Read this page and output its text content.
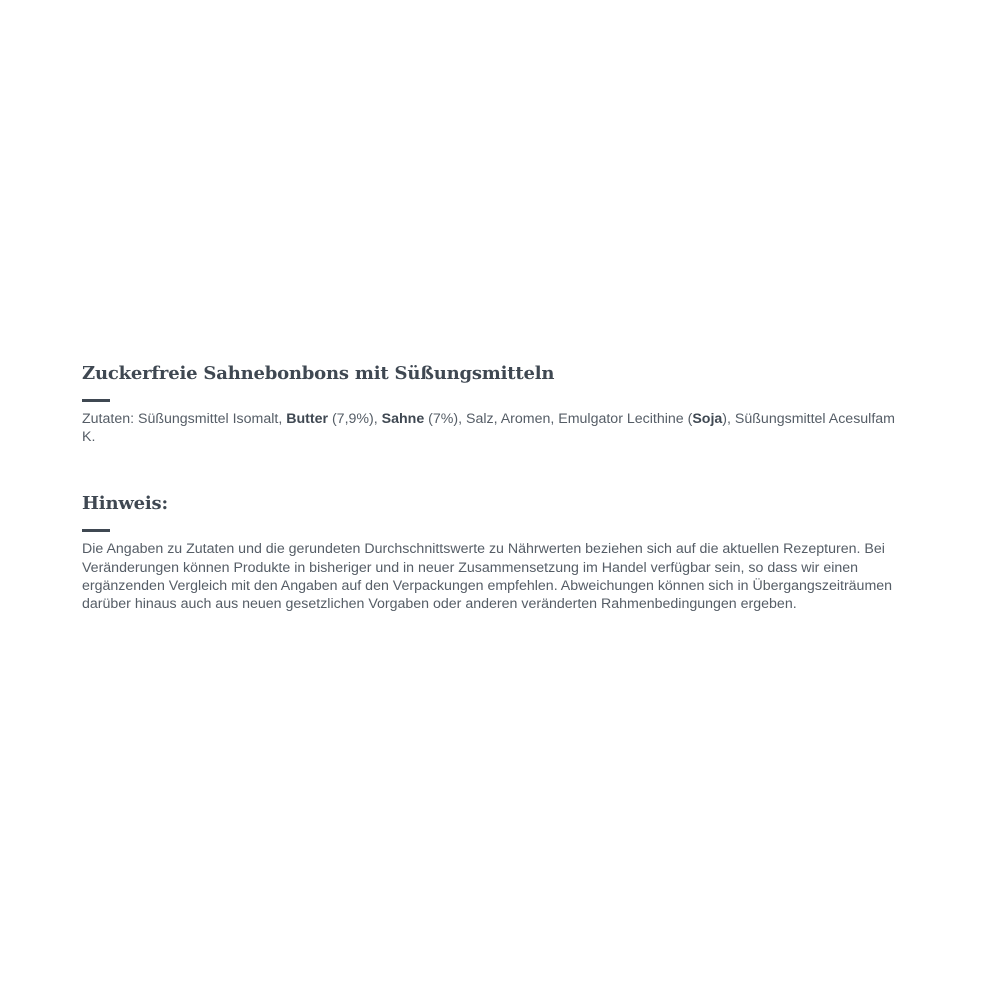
Zuckerfreie Sahnebonbons mit Süßungsmitteln

Zutaten: Süßungsmittel Isomalt, Butter (7,9%), Sahne (7%), Salz, Aromen, Emulgator Lecithine (Soja), Süßungsmittel Acesulfam K.

Hinweis:

Die Angaben zu Zutaten und die gerundeten Durchschnittswerte zu Nährwerten beziehen sich auf die aktuellen Rezepturen. Bei Veränderungen können Produkte in bisheriger und in neuer Zusammensetzung im Handel verfügbar sein, so dass wir einen ergänzenden Vergleich mit den Angaben auf den Verpackungen empfehlen. Abweichungen können sich in Übergangszeiträumen darüber hinaus auch aus neuen gesetzlichen Vorgaben oder anderen veränderten Rahmenbedingungen ergeben.
